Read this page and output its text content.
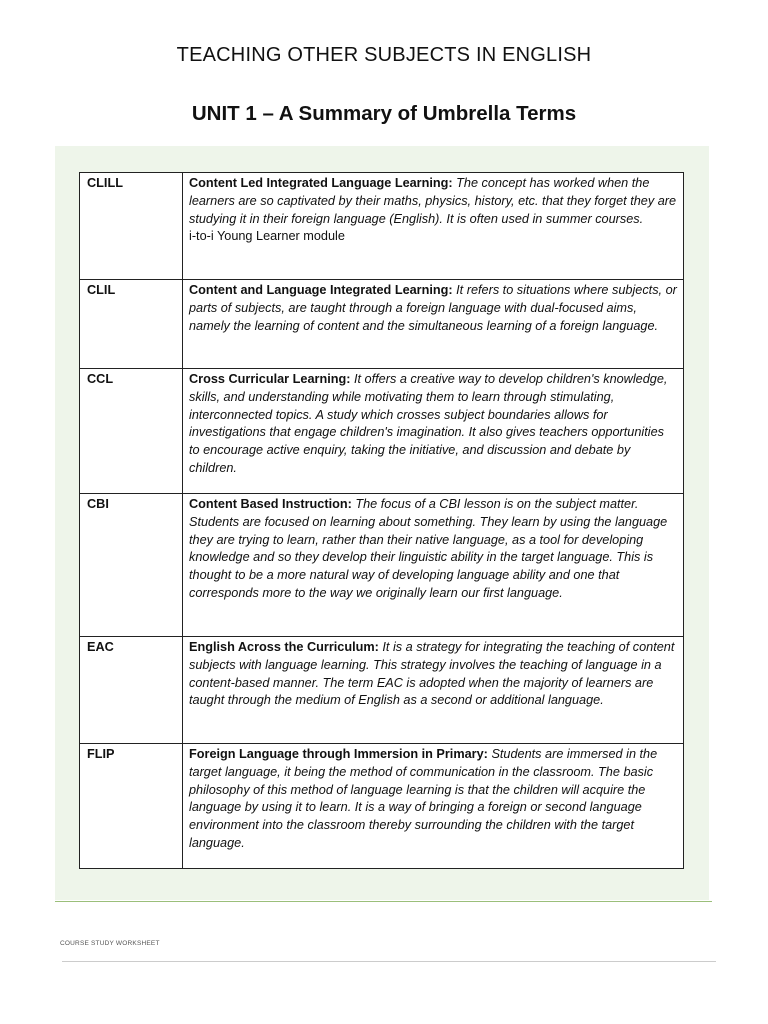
TEACHING OTHER SUBJECTS IN ENGLISH
UNIT 1 – A Summary of Umbrella Terms
CLILL	Content Led Integrated Language Learning: The concept has worked when the learners are so captivated by their maths, physics, history, etc. that they forget they are studying it in their foreign language (English). It is often used in summer courses.
i-to-i Young Learner module

CLIL	Content and Language Integrated Learning: It refers to situations where subjects, or parts of subjects, are taught through a foreign language with dual-focused aims, namely the learning of content and the simultaneous learning of a foreign language.
CCL	Cross Curricular Learning: It offers a creative way to develop children's knowledge, skills, and understanding while motivating them to learn through stimulating, interconnected topics. A study which crosses subject boundaries allows for investigations that engage children's imagination. It also gives teachers opportunities to encourage active enquiry, taking the initiative, and discussion and debate by children.
CBI	Content Based Instruction: The focus of a CBI lesson is on the subject matter. Students are focused on learning about something. They learn by using the language they are trying to learn, rather than their native language, as a tool for developing knowledge and so they develop their linguistic ability in the target language. This is thought to be a more natural way of developing language ability and one that corresponds more to the way we originally learn our first language.
EAC	English Across the Curriculum: It is a strategy for integrating the teaching of content subjects with language learning. This strategy involves the teaching of language in a content-based manner. The term EAC is adopted when the majority of learners are taught through the medium of English as a second or additional language.
FLIP	Foreign Language through Immersion in Primary: Students are immersed in the target language, it being the method of communication in the classroom. The basic philosophy of this method of language learning is that the children will acquire the language by using it to learn. It is a way of bringing a foreign or second language environment into the classroom thereby surrounding the children with the target language.
COURSE STUDY WORKSHEET
